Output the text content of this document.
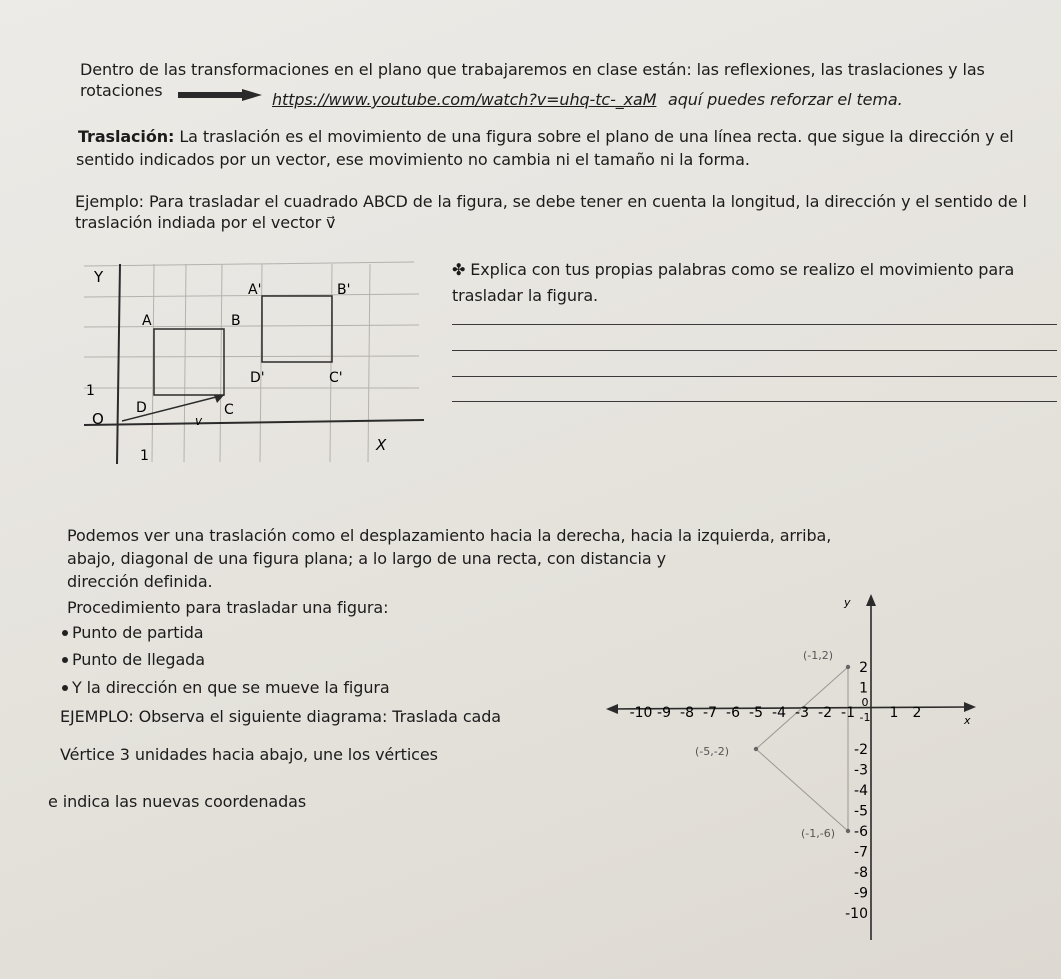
Dentro de las transformaciones en el plano que trabajaremos en clase están: las reflexiones, las traslaciones y las
rotaciones	https://www.youtube.com/watch?v=uhq-tc-_xaM aquí puedes reforzar el tema.
Traslación: La traslación es el movimiento de una figura sobre el plano de una línea recta. que sigue la dirección y el
sentido indicados por un vector, ese movimiento no cambia ni el tamaño ni la forma.
Ejemplo: Para trasladar el cuadrado ABCD de la figura, se debe tener en cuenta la longitud, la dirección y el sentido de l
traslación indiada por el vector v⃗
Y
X
O
1
1
A	B
C
D
A'	B'
C'
D'
v
✤ Explica con tus propias palabras como se realizo el movimiento para
trasladar la figura.
Podemos ver una traslación como el desplazamiento hacia la derecha, hacia la izquierda, arriba,
abajo, diagonal de una figura plana; a lo largo de una recta, con distancia y
dirección definida.
Procedimiento para trasladar una figura:
Punto de partida
Punto de llegada
Y la dirección en que se mueve la figura
EJEMPLO: Observa el siguiente diagrama: Traslada cada
Vértice 3 unidades hacia abajo, une los vértices
e indica las nuevas coordenadas
(-1,2)
(-5,-2)
(-1,-6)
-10 -9 -8 -7 -6 -5 -4 -3 -2 -1 1 2
0
2
1
-1
-2
-3
-4
-5
-6
-7
-8
-9
-10
y
x
